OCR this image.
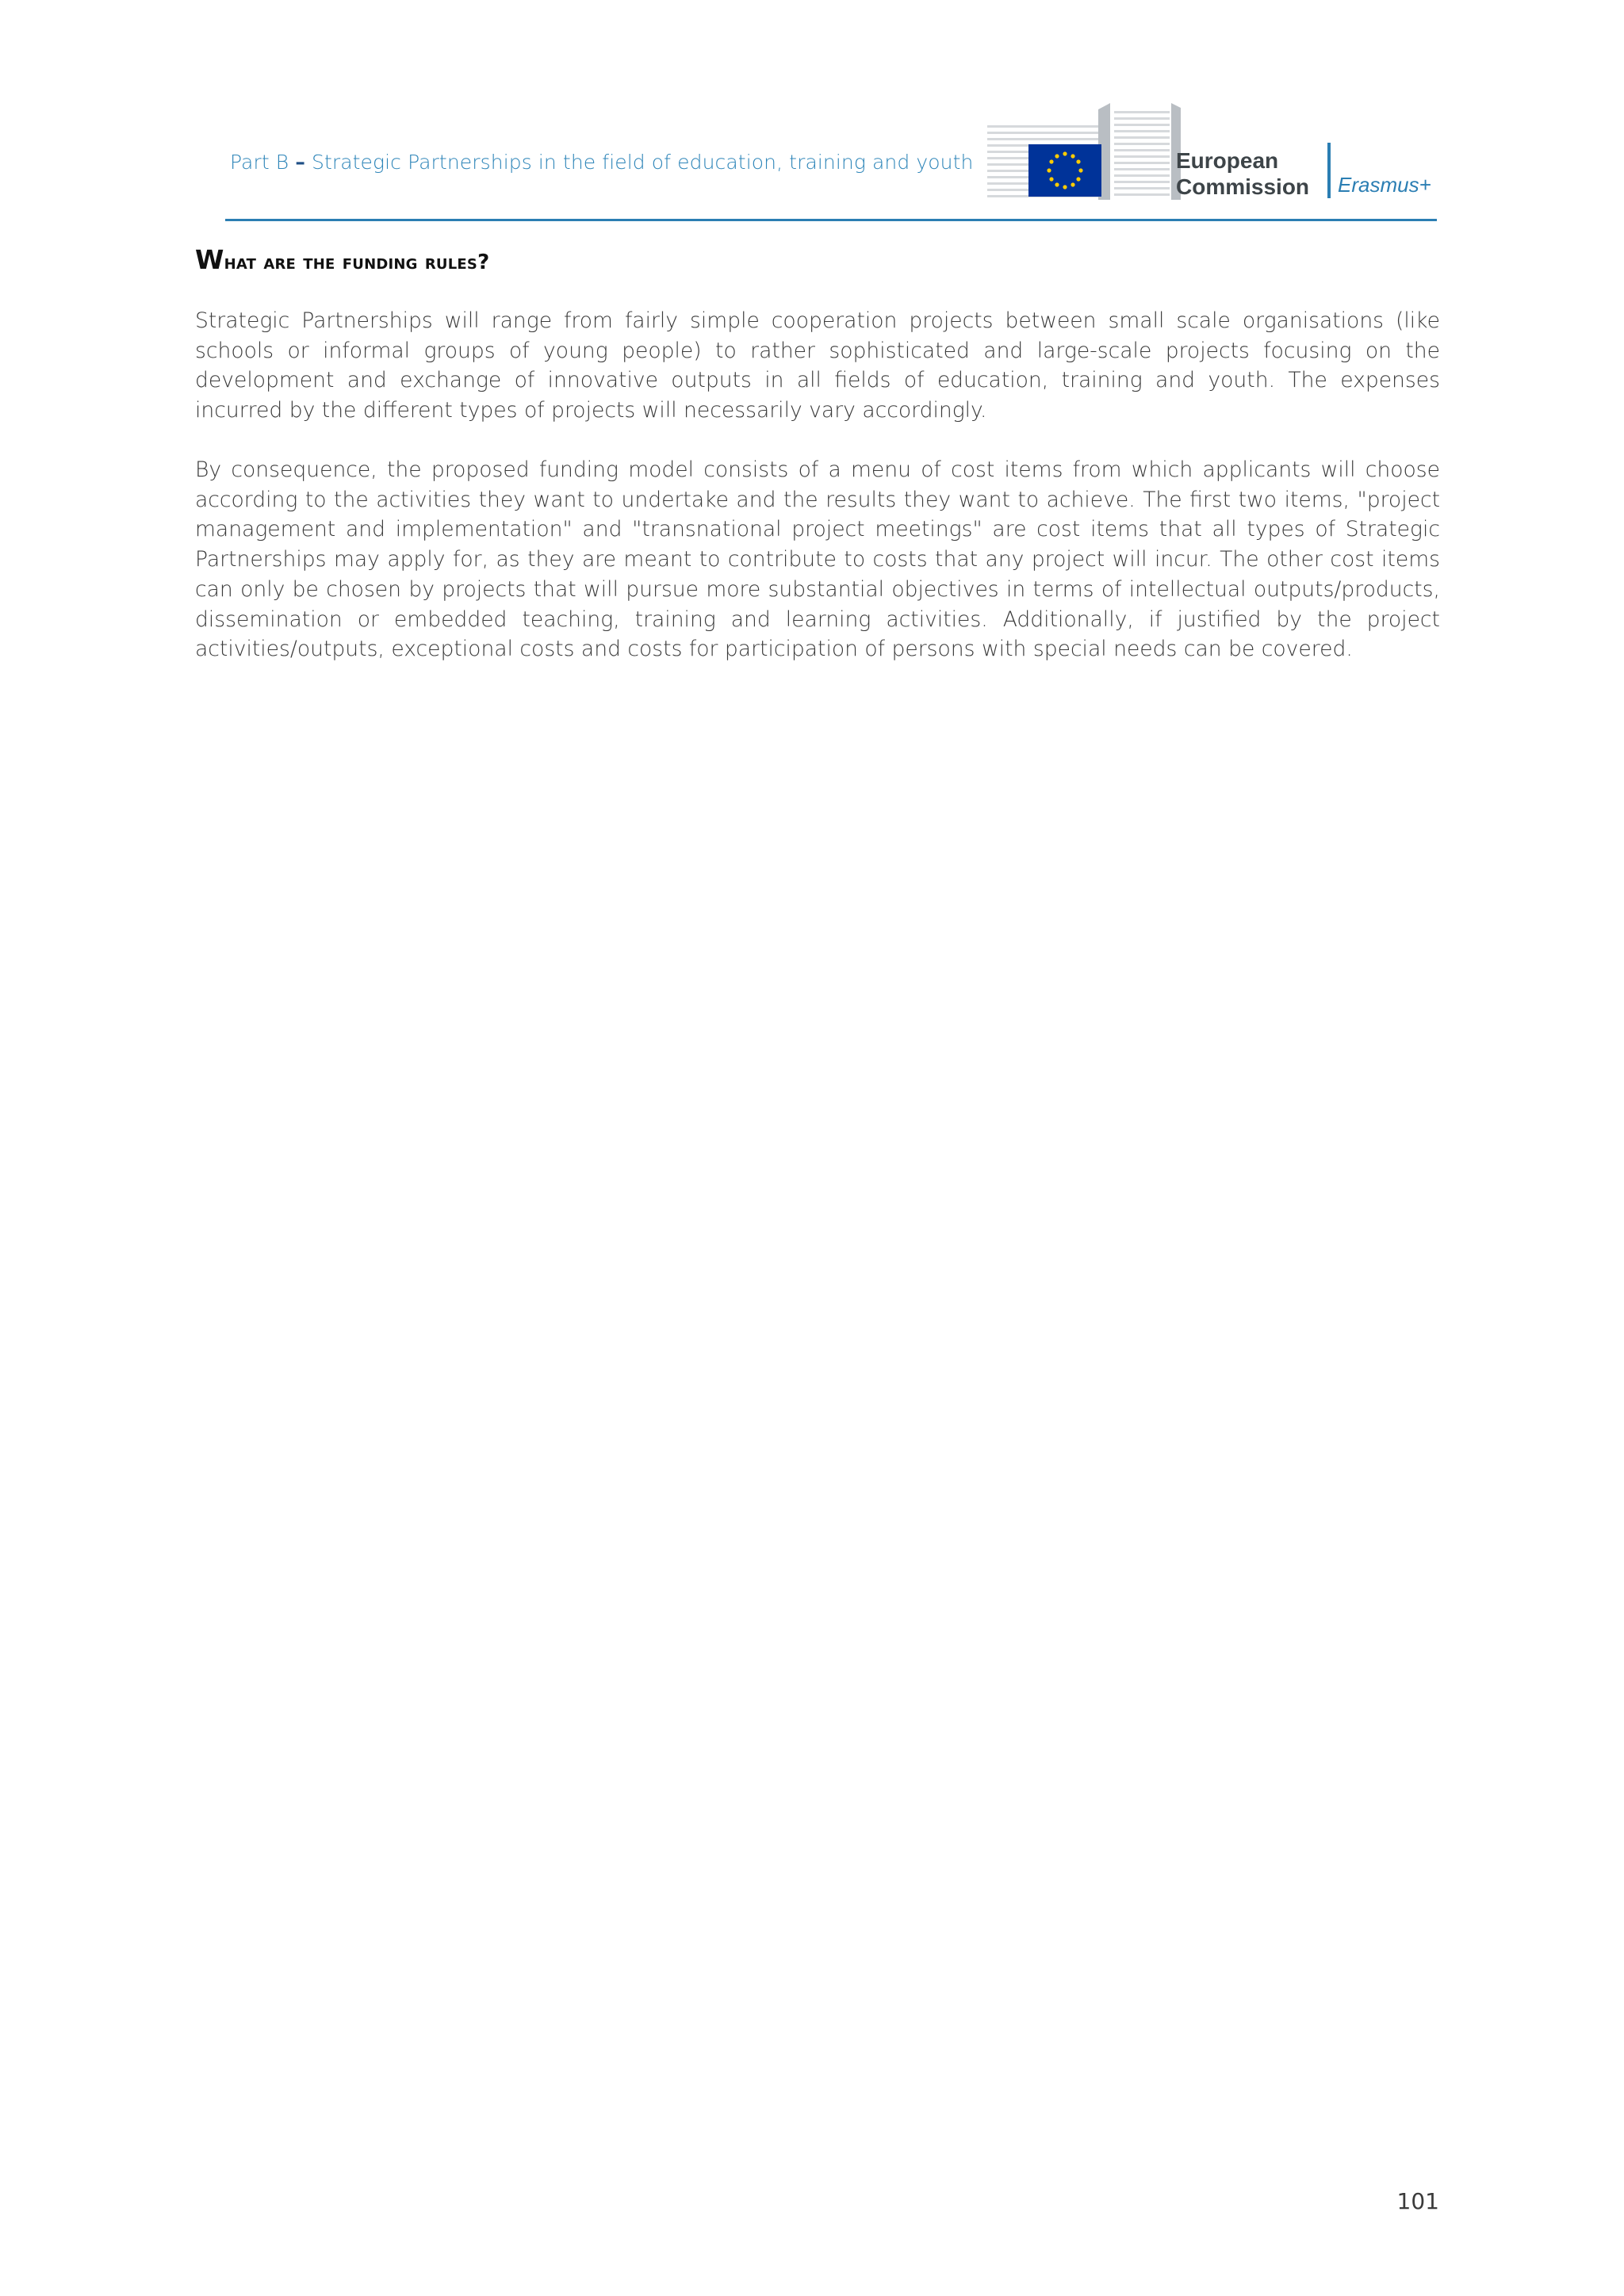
Part B – Strategic Partnerships in the field of education, training and youth	European
Commission Erasmus+
What are the funding rules?

Strategic Partnerships will range from fairly simple cooperation projects between small scale organisations (like schools or informal groups of young people) to rather sophisticated and large-scale projects focusing on the development and exchange of innovative outputs in all fields of education, training and youth. The expenses incurred by the different types of projects will necessarily vary accordingly.

By consequence, the proposed funding model consists of a menu of cost items from which applicants will choose according to the activities they want to undertake and the results they want to achieve. The first two items, "project management and implementation" and "transnational project meetings" are cost items that all types of Strategic Partnerships may apply for, as they are meant to contribute to costs that any project will incur. The other cost items can only be chosen by projects that will pursue more substantial objectives in terms of intellectual outputs/products, dissemination or embedded teaching, training and learning activities. Additionally, if justified by the project activities/outputs, exceptional costs and costs for participation of persons with special needs can be covered.

101
